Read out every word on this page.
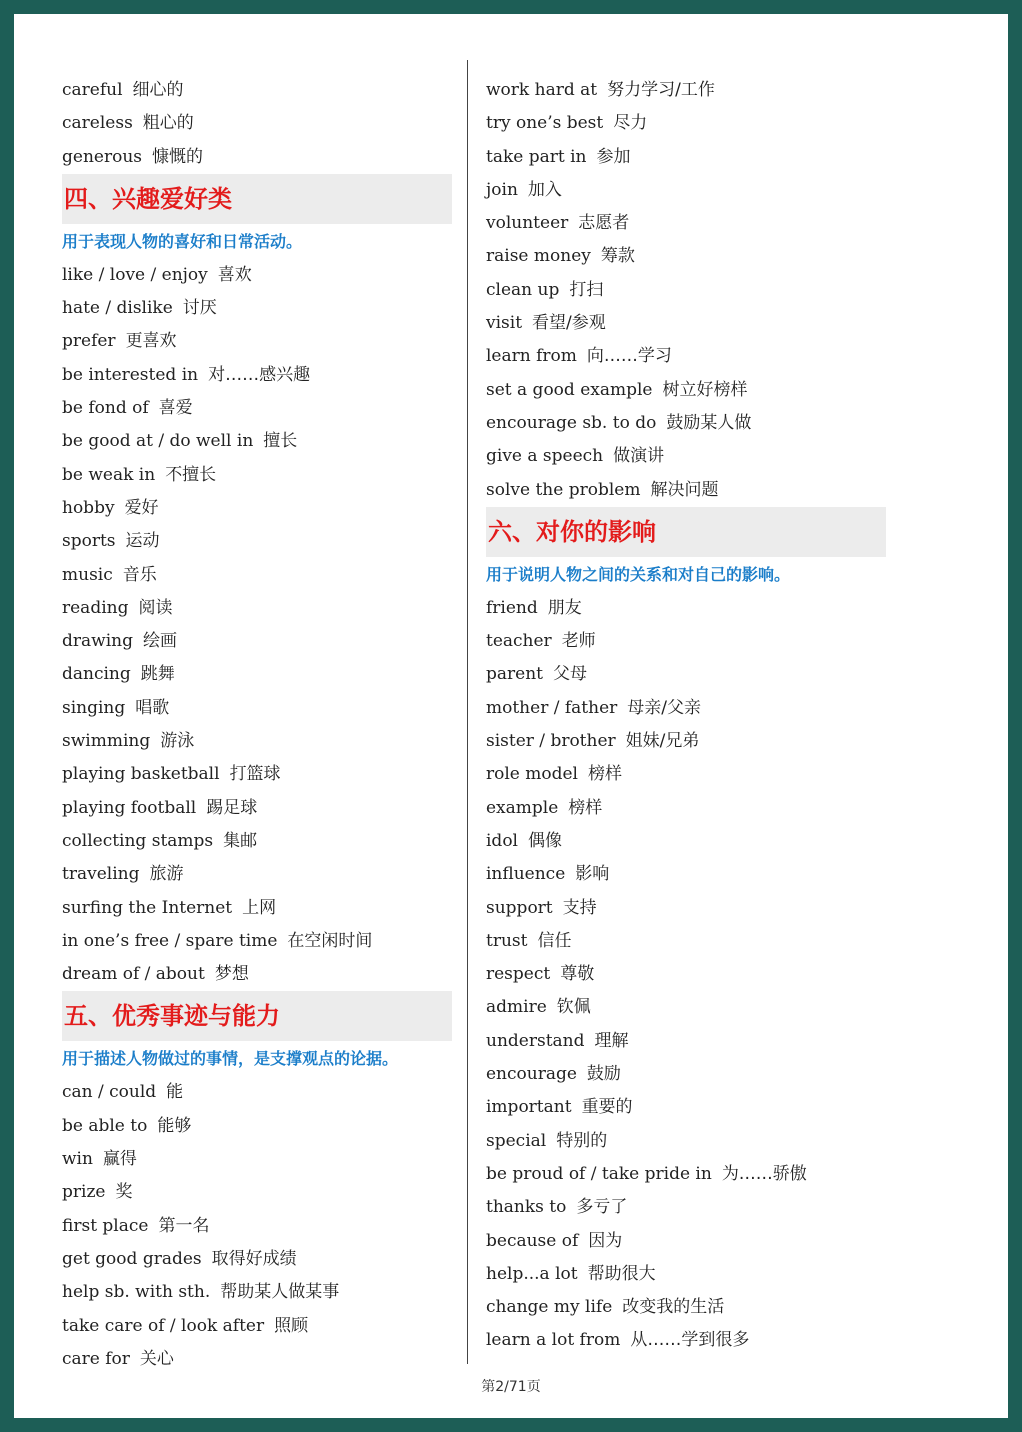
careful 细心的
careless 粗心的
generous 慷慨的
四、兴趣爱好类
用于表现人物的喜好和日常活动。
like / love / enjoy 喜欢
hate / dislike 讨厌
prefer 更喜欢
be interested in 对……感兴趣
be fond of 喜爱
be good at / do well in 擅长
be weak in 不擅长
hobby 爱好
sports 运动
music 音乐
reading 阅读
drawing 绘画
dancing 跳舞
singing 唱歌
swimming 游泳
playing basketball 打篮球
playing football 踢足球
collecting stamps 集邮
traveling 旅游
surfing the Internet 上网
in one’s free / spare time 在空闲时间
dream of / about 梦想
五、优秀事迹与能力
用于描述人物做过的事情，是支撑观点的论据。
can / could 能
be able to 能够
win 赢得
prize 奖
first place 第一名
get good grades 取得好成绩
help sb. with sth. 帮助某人做某事
take care of / look after 照顾
care for 关心
work hard at 努力学习/工作
try one’s best 尽力
take part in 参加
join 加入
volunteer 志愿者
raise money 筹款
clean up 打扫
visit 看望/参观
learn from 向……学习
set a good example 树立好榜样
encourage sb. to do 鼓励某人做
give a speech 做演讲
solve the problem 解决问题
六、对你的影响
用于说明人物之间的关系和对自己的影响。
friend 朋友
teacher 老师
parent 父母
mother / father 母亲/父亲
sister / brother 姐妹/兄弟
role model 榜样
example 榜样
idol 偶像
influence 影响
support 支持
trust 信任
respect 尊敬
admire 钦佩
understand 理解
encourage 鼓励
important 重要的
special 特别的
be proud of / take pride in 为……骄傲
thanks to 多亏了
because of 因为
help...a lot 帮助很大
change my life 改变我的生活
learn a lot from 从……学到很多
第2/71页
